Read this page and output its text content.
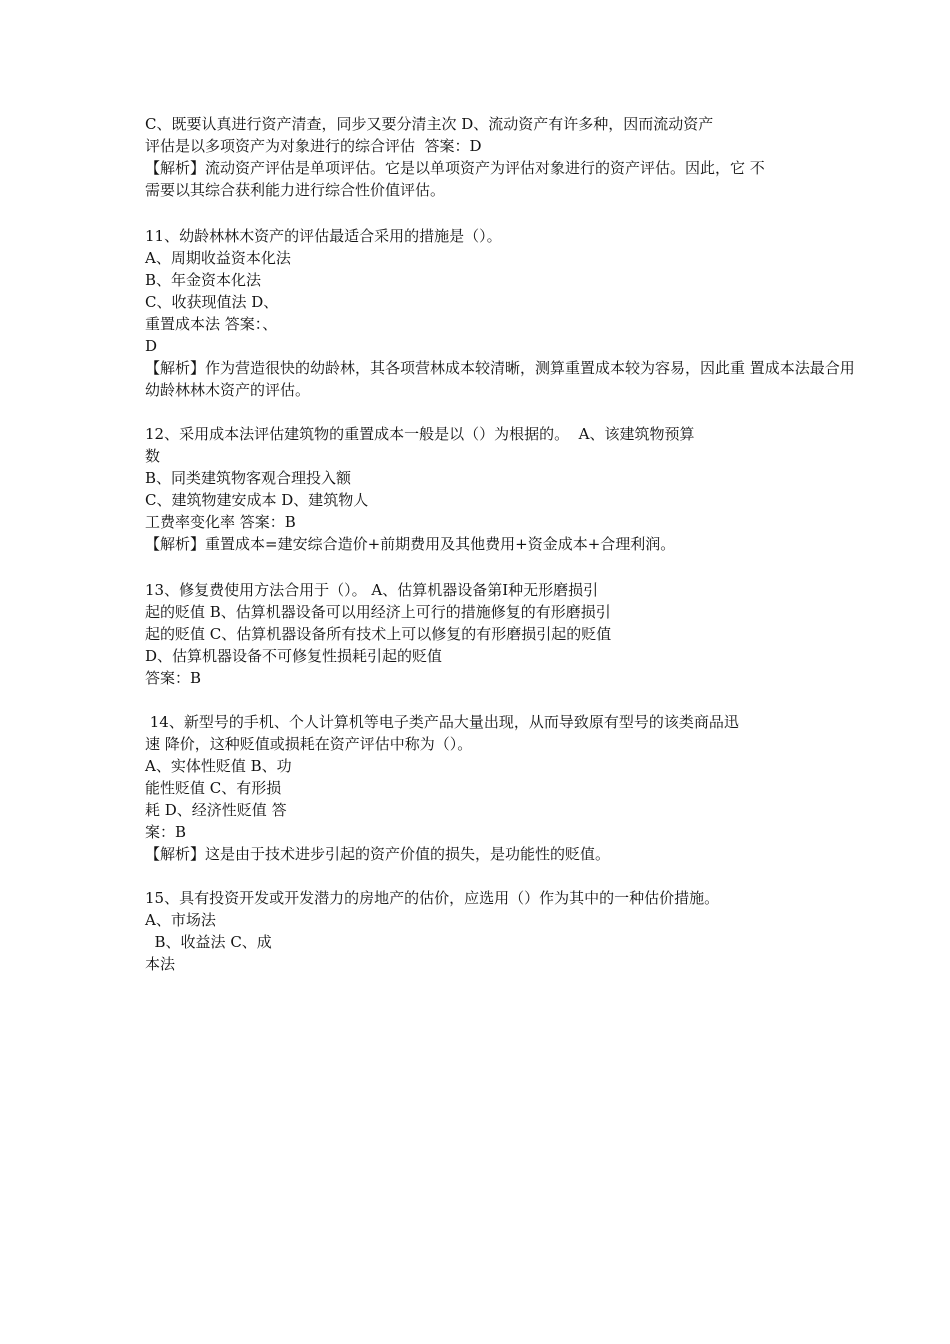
C、既要认真进行资产清查，同步又要分清主次 D、流动资产有许多种，因而流动资产
评估是以多项资产为对象进行的综合评估  答案：D
【解析】流动资产评估是单项评估。它是以单项资产为评估对象进行的资产评估。因此，它 不
需要以其综合获利能力进行综合性价值评估。
11、幼龄林林木资产的评估最适合采用的措施是（）。
A、周期收益资本化法
B、年金资本化法
C、收获现值法 D、
重置成本法 答案：、
D
【解析】作为营造很快的幼龄林，其各项营林成本较清晰，测算重置成本较为容易，因此重 置成本法最合用
幼龄林林木资产的评估。
12、采用成本法评估建筑物的重置成本一般是以（）为根据的。  A、该建筑物预算
数
B、同类建筑物客观合理投入额
C、建筑物建安成本 D、建筑物人
工费率变化率 答案：B
【解析】重置成本=建安综合造价+前期费用及其他费用+资金成本+合理利润。
13、修复费使用方法合用于（）。 A、估算机器设备第Ⅰ种无形磨损引
起的贬值 B、估算机器设备可以用经济上可行的措施修复的有形磨损引
起的贬值 C、估算机器设备所有技术上可以修复的有形磨损引起的贬值
D、估算机器设备不可修复性损耗引起的贬值
答案：B
14、新型号的手机、个人计算机等电子类产品大量出现，从而导致原有型号的该类商品迅
速 降价，这种贬值或损耗在资产评估中称为（）。
A、实体性贬值 B、功
能性贬值 C、有形损
耗 D、经济性贬值 答
案：B
【解析】这是由于技术进步引起的资产价值的损失，是功能性的贬值。
15、具有投资开发或开发潜力的房地产的估价，应选用（）作为其中的一种估价措施。
A、市场法
B、收益法 C、成
本法
